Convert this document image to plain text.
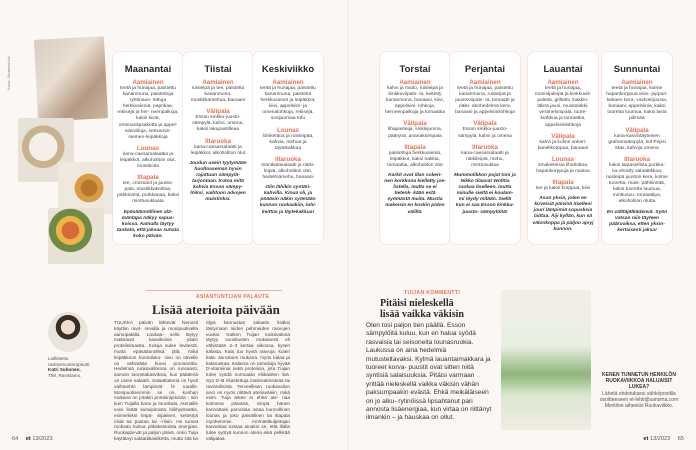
Kuva: Shutterstock	Maanantai
Aamiainen
teetä ja hunajaa, paistettu kananmuna, paistettuja ryttimaus- tettuja herkkusieniä, paprikaa, retiisejä ja her- neenpalkoja, kaksi kiviä, omenanlipsaketta ja appel- siiniviiloja, seesamin- siemen-leipäkkoja
Lounas
kana-caesarsalaattia ja leipäkkot, alkoholiton olut, mustikoita
Iltapala
tee, croissant ja juusto- pala, mustikkakeittoa, pähkinöitä, porkkanaa, kaksi minttusuklaata
Epäsäännöllinen alä- mäntapa näkyy sapus- koissa. Aamulla täytyy tankata, että jaksaa suhata koko päivän.
Tiistai
Aamiainen
ruisleipä ja tee, paistettu kananmuna, mustikkamehua, banaani
Välipala
Esson kinkku-juusto- sämpylä, kahvi, omena, kaksi lakupastilleaa
Iltaruoka
kana-caesarsalaatti ja leipäkkot, alkoholiton olut
Joudun usein tyytymään huoltoaseman hyvin rajattuun sämpylä- tarjontaan. Kotoa mitä kahvia Esson sämpy- löiksi, vaihtoon advojen muistinksi.
Keskiviikko
Aamiainen
teetä ja hunajaa, paistettu kananmuna, paistetut herkkusienet ja leipäkkot, kiivi, appelsiini- ja omenalohkoja, retiisejä, sosijuomaa tofu
Lounas
lohikeittoa ja ruisleipää, kahvia, mehua ja täytekakkua
Iltaruoka
tonnikalasalaatti ja riäiki- leipiä, alkoholiton olut, hedelmämehu, banaani
Olin lähikin syntäri- kahvilla. Kinua oli, ja pöääsin näkin syömään kunnon ruokaakiin, lohi- keittoa ja täytekakkua!
Torstai
Aamiainen
kahvi ja maito, ruisleipä ja kinkkuviipale- ta, keitetty kananmuna, banaani, kiivi, appelsiini- lohkoja, herneenpalkoja ja tomaattia
Välipala
lihapasteija, sinkkijuoma, päärynä, ananaksenpala
Iltapala
paistettuja herkkusieniä, leipäkkot, kaksi nakkia, tomaattia, alkoholiton olut
Karkit ovat illan sokeri- nen korkkona kielletty joe- listella, mutta se ei tietenk- kään estä syömästä muita. Mustia makeisia en koskin pidon välillä.
Perjantai
Aamiainen
teetä ja hunajaa, paistettu kananmuna, ruisleipä ja juustoviipale- ta, tomaatti ja riäiki- denhedelmä kera, banaani ja appelsiinilohkoja
Välipala
Esson kinkku-juusto- sämpylä, kahvi ja omena
Iltaruoka
kana-caesarsalaatti ja riäikileipiä, mehu, minttusuklaa
Mummolikkon pojat toni ja Nikko tilaavat Wolttia ruokaa itselleen, mutta minulle sieltä ei koulam- mi löydy mitään. Siellä kun ei saa Esson kinkku- juusto- sämpylöitä!
Lauantai
Aamiainen
teetä ja hunajaa, monioljaleipä ja kinkkuviil- paleita, grillattu makkin- lälinä javoi, muistolakki, vesimelonipala, tuore- kurkkua ja tomaattia, appelsiinilohkoja
Välipala
kahvi ja kolme sokeri- kanelikorppua, banaani
Lounas
omakeksisia liharkittoa, hapankorppuja ja maitoa
Iltapala
tee ja kaksi korppua, kiivi
Asun yksin, joten en kirveisiä päivinä itselleni jouri lämpimiä sopusksia laittaa. Äiji kyllän, kun sä välonkoppa ja paljoo ajoyj kunnon.
Sunnuntai
Aamiainen
teetä ja hunajaa, kolme hapankorppua viiss- pippuri-kekaen kera, voidveitjuusta, banaani, appelsiinia, kaksi tuoretta luumua, kaksi lasia pilimää
Välipala
kana-kasvistäyteinen grahamsämpylä, kol Pepsi Max, kahvija omena
Iltaruoka
kaksi lautasellista porkka- na-ohrarly salaattikkoa, ruisleipä juuston kera, kolme tuoretta, mais- pähkinöitä, kaksi tuoretta luumua, minttusuu- tomaattipa, alkoholiton olutta
En välttäjätkädenvä. Syön vatsan niin täyteen pääruoiksa, etten yksin- kertaisesti jaksa!
ASIANTUNTIJAN PALAUTE
Lisää aterioita päivään
TUUKKA päivän lähtevät hienosti käyttiin ravit- sevalla ja monipuolisella aamupalalla. Laukaa- sella täytyy maksavat kaaviksisia jotain proteiinimaista. Kuluja sulee levitestä, mutta epäsäännöllisä jälä, mikä leipäkkoon kuntoiluko- sivu on itavelle on vähintään kuusi proosenttia. Hedelmiä runkavalloissa on runsaasti, samoin tuoreitakasviksia, kun päätteriä on usein salaatti. Salaattiateria on hyvä vaihtoehto lämpimäl- le ruualle. Monipuolisemmin se on, kunhan mukana on jotakin proteiinipitoista - niin kuin Tuijalla kana ja tonnikala. Ateriaille voisi lisätä kuituipitoista hiilihydraattia, esimerkiksi leipä- viipaleen, keitettyä riisiä tai pastaa tai –riisin. He tuovat ruokaan kuitua pitkäkestoista energiaa. Ruokapäi-vät ja paljon päivä, onko Tuija käyttänyt salaattikastiketta, mutta sitä ka
öljyä kannustan salaatin lisäksi tästymaan niiden pehmeiden rasvojen vuoksi. Kaiken Tuijan ruokavaliota täytyy suositusten mukaisesti eli vähintään 2–3 kertaa viikossa, kysen kalasta. Kala tuo hyviä rasvoja, kuten kala- annoksen mukana, myös kalaa ja kalaruokaa. Kalassa on tamuiloja hyvää D-vitamiinia sekä proteiinia, jota Tuijan tulee syödä normaalin eliikäisten lisä. Syö D-tä rikastettuja maitovalmisteita tai ravintolisistä. Terveellisen ruokavalion arvo on myös riittävä ateriavälein, mikä esim. Tuija tekee ei ehkä ate- riaa kolmena päivänä, niinpä hänen kannattaisi panostaa ostaa kunnollinen lounas ja joko päivällinen tai iltapala myöhemmin. Ammattikuljettajan kannattaa toistaa ainakin se, että illalla tulee syötyä kunnon ateria eikä pelkkää välipalaa.
Laillistettu
ravitsemusterapeutti
Katri Suhonen,
TtM, Ravistamo.
TUIJAN KOMMENTTI
Pitäisi nieleskellä
lisää vaikka väkisin
Olen tosi paljon tien päällä. Esson sämpylöitä kuluu, kun en halua syödä rasvaisia tai seisoneita lounasruokia. Laukussa on aina hedelmiä mutusteltavaksi. Kylmä lauantaimakkara ja tuoreet korva- puustit ovat sitten niitä syntisiä salaisuuksia. Pitäisi varmaan yrittää nieleskellä vaikka väkisin vähän paksumpaakin evästä. Ehkä meikäläiseen on jo alku- rytinöissä lipsahtanut pari annosta lisäenergiaa, kun virtaa on riittänyt ilmankin – ja hauskaa on ollut.
KENEN TUNNETUN HENKILÖN RUOKAVIIKKOA HALUAISIT LUKEA?
Lähetä ehdotuksesi sähköpostilla osoitteeseen et-lehti@sanoma.com Merkitse aiheeksi Ruokaviikko.
64 et 13/2023	et 13/2023 65
